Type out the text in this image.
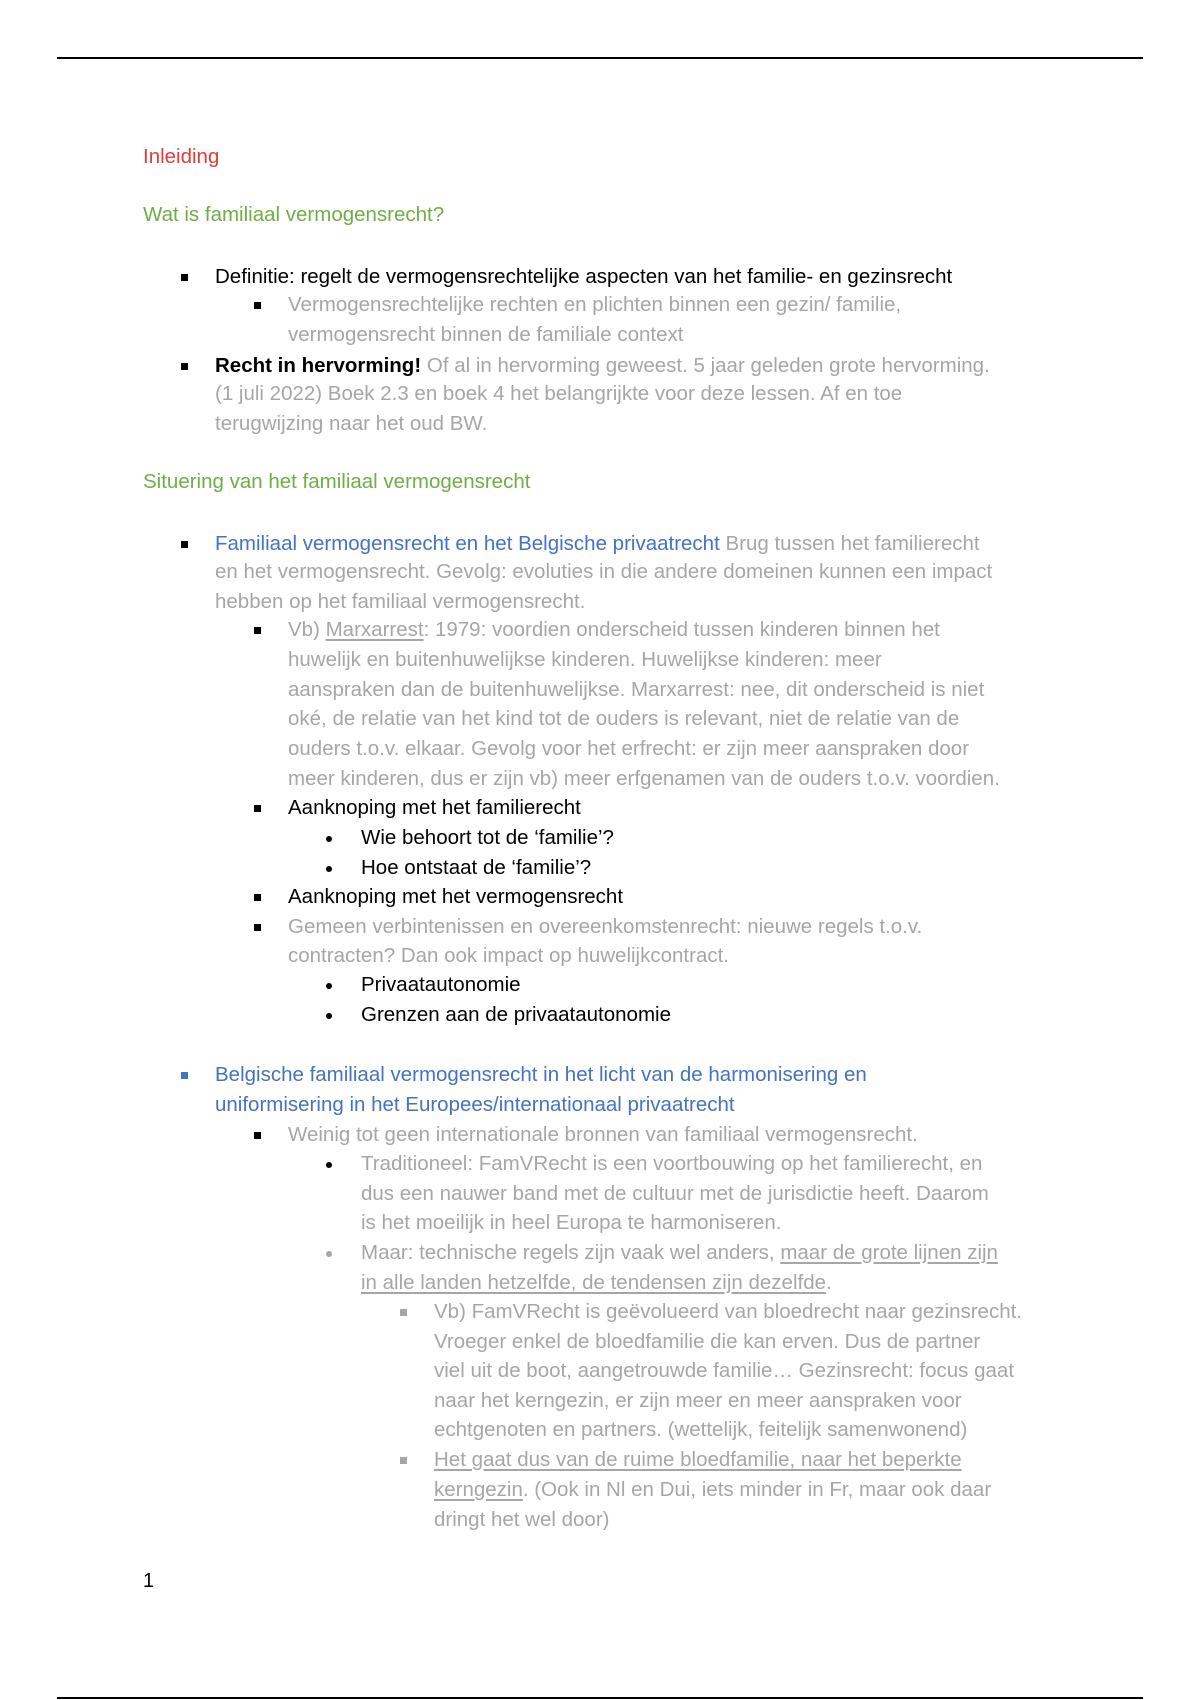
Inleiding
Wat is familiaal vermogensrecht?
Definitie: regelt de vermogensrechtelijke aspecten van het familie- en gezinsrecht
Vermogensrechtelijke rechten en plichten binnen een gezin/ familie,
vermogensrecht binnen de familiale context
Recht in hervorming! Of al in hervorming geweest. 5 jaar geleden grote hervorming.
(1 juli 2022) Boek 2.3 en boek 4 het belangrijkte voor deze lessen. Af en toe
terugwijzing naar het oud BW.
Situering van het familiaal vermogensrecht
Familiaal vermogensrecht en het Belgische privaatrecht Brug tussen het familierecht
en het vermogensrecht. Gevolg: evoluties in die andere domeinen kunnen een impact
hebben op het familiaal vermogensrecht.
Vb) Marxarrest: 1979: voordien onderscheid tussen kinderen binnen het
huwelijk en buitenhuwelijkse kinderen. Huwelijkse kinderen: meer
aanspraken dan de buitenhuwelijkse. Marxarrest: nee, dit onderscheid is niet
oké, de relatie van het kind tot de ouders is relevant, niet de relatie van de
ouders t.o.v. elkaar. Gevolg voor het erfrecht: er zijn meer aanspraken door
meer kinderen, dus er zijn vb) meer erfgenamen van de ouders t.o.v. voordien.
Aanknoping met het familierecht
Wie behoort tot de ‘familie’?
Hoe ontstaat de ‘familie’?
Aanknoping met het vermogensrecht
Gemeen verbintenissen en overeenkomstenrecht: nieuwe regels t.o.v.
contracten? Dan ook impact op huwelijkcontract.
Privaatautonomie
Grenzen aan de privaatautonomie
Belgische familiaal vermogensrecht in het licht van de harmonisering en
uniformisering in het Europees/internationaal privaatrecht
Weinig tot geen internationale bronnen van familiaal vermogensrecht.
Traditioneel: FamVRecht is een voortbouwing op het familierecht, en
dus een nauwer band met de cultuur met de jurisdictie heeft. Daarom
is het moeilijk in heel Europa te harmoniseren.
Maar: technische regels zijn vaak wel anders, maar de grote lijnen zijn
in alle landen hetzelfde, de tendensen zijn dezelfde.
Vb) FamVRecht is geëvolueerd van bloedrecht naar gezinsrecht.
Vroeger enkel de bloedfamilie die kan erven. Dus de partner
viel uit de boot, aangetrouwde familie… Gezinsrecht: focus gaat
naar het kerngezin, er zijn meer en meer aanspraken voor
echtgenoten en partners. (wettelijk, feitelijk samenwonend)
Het gaat dus van de ruime bloedfamilie, naar het beperkte
kerngezin. (Ook in Nl en Dui, iets minder in Fr, maar ook daar
dringt het wel door)
1
